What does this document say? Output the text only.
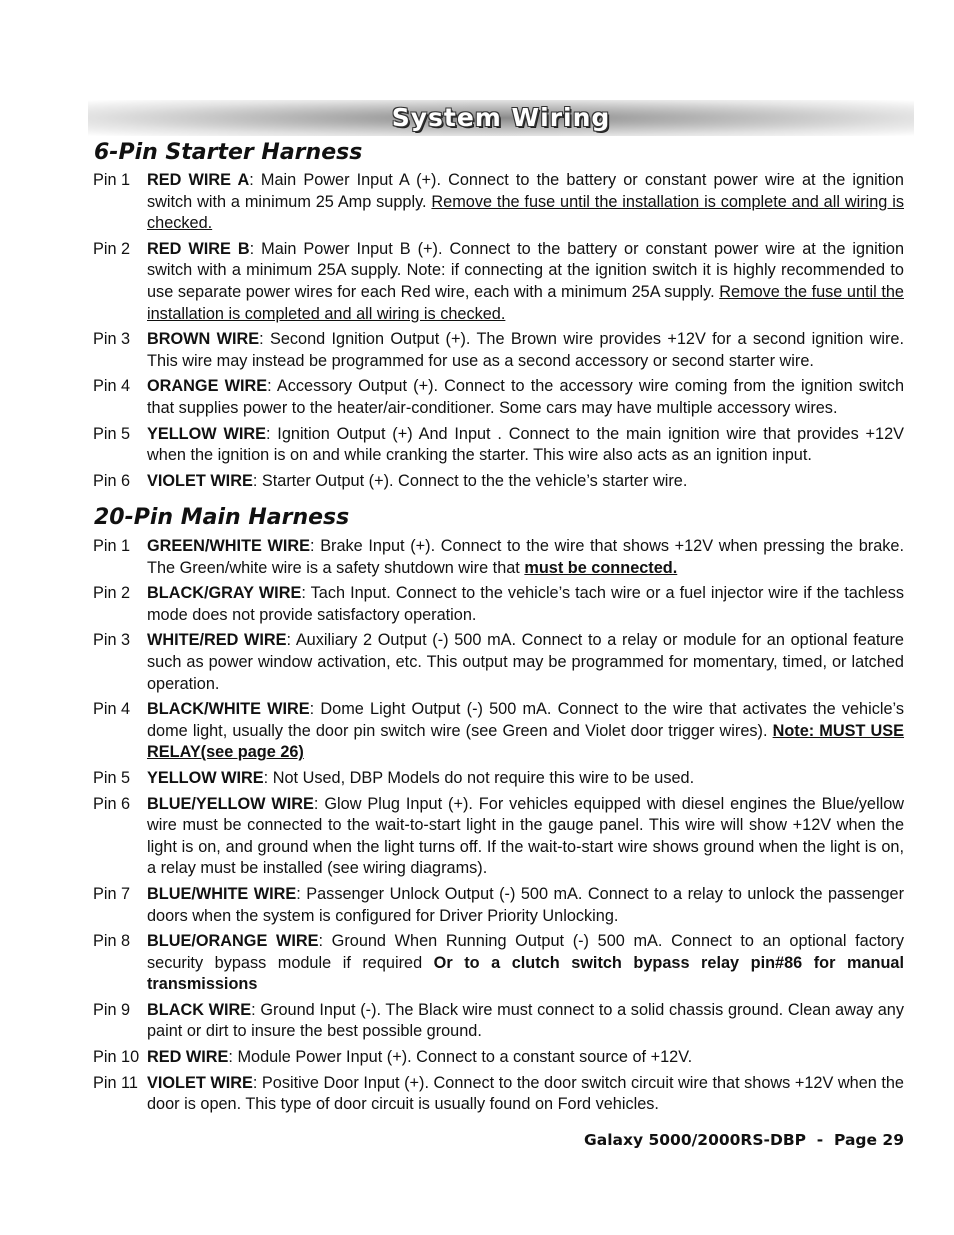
System Wiring
6-Pin Starter Harness
Pin 1	RED WIRE A: Main Power Input A (+). Connect to the battery or constant power wire at the ignition switch with a minimum 25 Amp supply. Remove the fuse until the installation is complete and all wiring is checked.
Pin 2	RED WIRE B: Main Power Input B (+). Connect to the battery or constant power wire at the ignition switch with a minimum 25A supply. Note: if connecting at the ignition switch it is highly recommended to use separate power wires for each Red wire, each with a minimum 25A supply. Remove the fuse until the installation is completed and all wiring is checked.
Pin 3	BROWN WIRE: Second Ignition Output (+). The Brown wire provides +12V for a second ignition wire. This wire may instead be programmed for use as a second accessory or second starter wire.
Pin 4	ORANGE WIRE: Accessory Output (+). Connect to the accessory wire coming from the ignition switch that supplies power to the heater/air-conditioner. Some cars may have multiple accessory wires.
Pin 5	YELLOW WIRE: Ignition Output (+) And Input . Connect to the main ignition wire that provides +12V when the ignition is on and while cranking the starter. This wire also acts as an ignition input.
Pin 6	VIOLET WIRE: Starter Output (+). Connect to the the vehicle’s starter wire.
20-Pin Main Harness
Pin 1	GREEN/WHITE WIRE: Brake Input (+). Connect to the wire that shows +12V when pressing the brake. The Green/white wire is a safety shutdown wire that must be connected.
Pin 2	BLACK/GRAY WIRE: Tach Input. Connect to the vehicle’s tach wire or a fuel injector wire if the tachless mode does not provide satisfactory operation.
Pin 3	WHITE/RED WIRE: Auxiliary 2 Output (-) 500 mA. Connect to a relay or module for an optional feature such as power window activation, etc. This output may be programmed for momentary, timed, or latched operation.
Pin 4	BLACK/WHITE WIRE: Dome Light Output (-) 500 mA. Connect to the wire that activates the vehicle’s dome light, usually the door pin switch wire (see Green and Violet door trigger wires). Note: MUST USE RELAY(see page 26)
Pin 5	YELLOW WIRE: Not Used, DBP Models do not require this wire to be used.
Pin 6	BLUE/YELLOW WIRE: Glow Plug Input (+). For vehicles equipped with diesel engines the Blue/yellow wire must be connected to the wait-to-start light in the gauge panel. This wire will show +12V when the light is on, and ground when the light turns off. If the wait-to-start wire shows ground when the light is on, a relay must be installed (see wiring diagrams).
Pin 7	BLUE/WHITE WIRE: Passenger Unlock Output (-) 500 mA. Connect to a relay to unlock the passenger doors when the system is configured for Driver Priority Unlocking.
Pin 8	BLUE/ORANGE WIRE: Ground When Running Output (-) 500 mA. Connect to an optional factory security bypass module if required Or to a clutch switch bypass relay pin#86 for manual transmissions
Pin 9	BLACK WIRE: Ground Input (-). The Black wire must connect to a solid chassis ground. Clean away any paint or dirt to insure the best possible ground.
Pin 10 RED WIRE: Module Power Input (+). Connect to a constant source of +12V.
Pin 11 VIOLET WIRE: Positive Door Input (+). Connect to the door switch circuit wire that shows +12V when the door is open. This type of door circuit is usually found on Ford vehicles.
Galaxy 5000/2000RS-DBP  -  Page 29
